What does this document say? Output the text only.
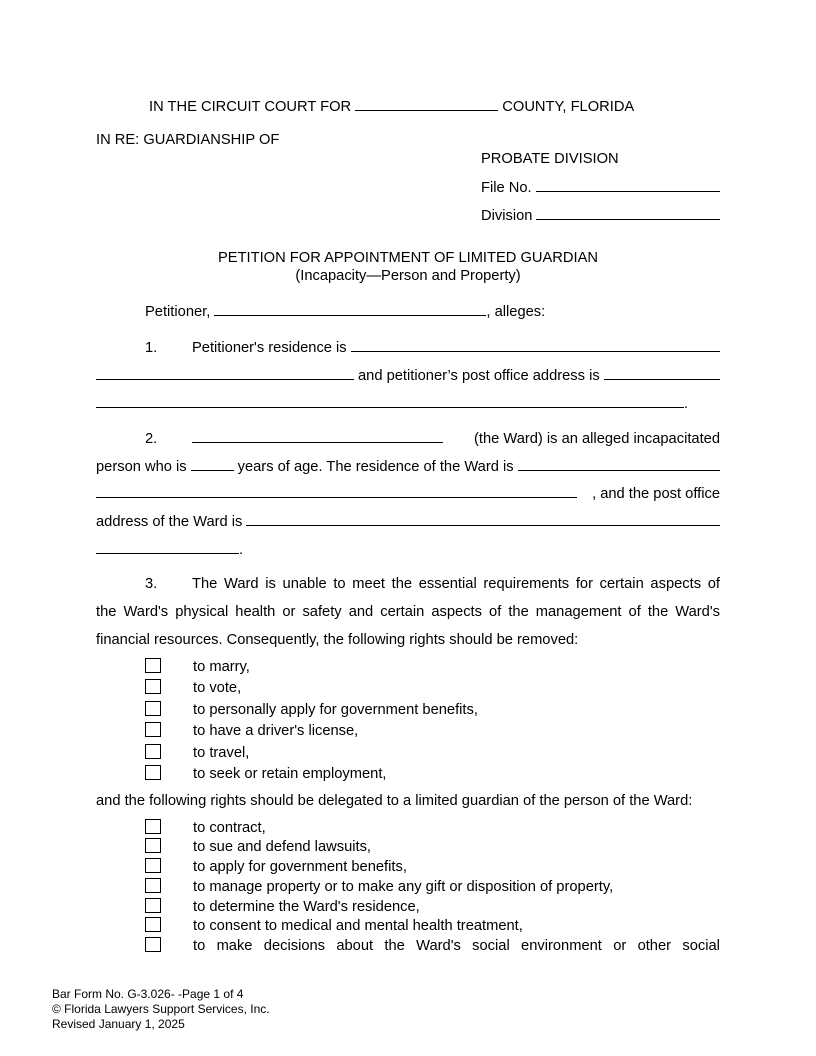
IN THE CIRCUIT COURT FOR	COUNTY, FLORIDA
IN RE: GUARDIANSHIP OF
PROBATE DIVISION
File No.
Division
PETITION FOR APPOINTMENT OF LIMITED GUARDIAN
(Incapacity—Person and Property)
Petitioner,	, alleges:
1.	Petitioner's residence is
and petitioner’s post office address is
.
2.	(the Ward) is an alleged incapacitated
person who is	years of age. The residence of the Ward is
, and the post office
address of the Ward is
.
3.	The Ward is unable to meet the essential requirements for certain aspects of
the Ward's physical health or safety and certain aspects of the management of the Ward's
financial resources. Consequently, the following rights should be removed:
to marry,
to vote,
to personally apply for government benefits,
to have a driver's license,
to travel,
to seek or retain employment,
and the following rights should be delegated to a limited guardian of the person of the Ward:
to contract,
to sue and defend lawsuits,
to apply for government benefits,
to manage property or to make any gift or disposition of property,
to determine the Ward's residence,
to consent to medical and mental health treatment,
to make decisions about the Ward's social environment or other social
Bar Form No. G-3.026- -Page 1 of 4
© Florida Lawyers Support Services, Inc.
Revised January 1, 2025
